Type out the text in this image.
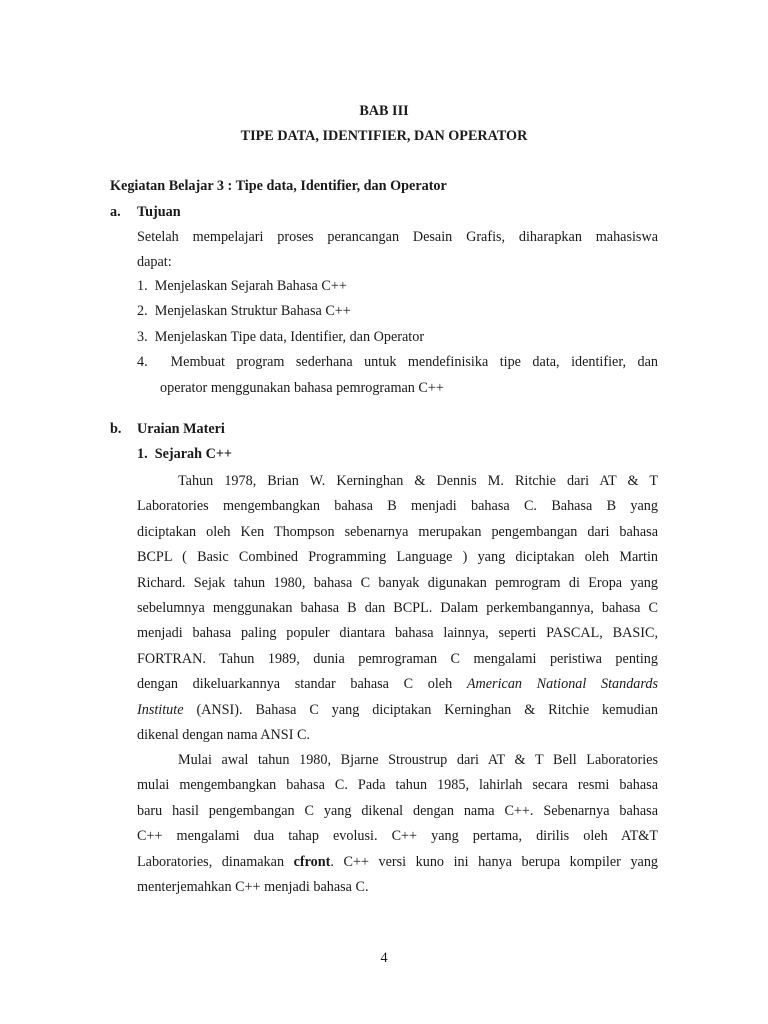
BAB III
TIPE DATA, IDENTIFIER, DAN OPERATOR
Kegiatan Belajar 3 : Tipe data, Identifier, dan Operator
a. Tujuan
Setelah mempelajari proses perancangan Desain Grafis, diharapkan mahasiswa
dapat:
1.  Menjelaskan Sejarah Bahasa C++
2.  Menjelaskan Struktur Bahasa C++
3.  Menjelaskan Tipe data, Identifier, dan Operator
4.  Membuat program sederhana untuk mendefinisika tipe data, identifier, dan
operator menggunakan bahasa pemrograman C++
b. Uraian Materi
1.  Sejarah C++
Tahun 1978, Brian W. Kerninghan & Dennis M. Ritchie dari AT & T
Laboratories mengembangkan bahasa B menjadi bahasa C. Bahasa B yang
diciptakan oleh Ken Thompson sebenarnya merupakan pengembangan dari bahasa
BCPL ( Basic Combined Programming Language ) yang diciptakan oleh Martin
Richard. Sejak tahun 1980, bahasa C banyak digunakan pemrogram di Eropa yang
sebelumnya menggunakan bahasa B dan BCPL. Dalam perkembangannya, bahasa C
menjadi bahasa paling populer diantara bahasa lainnya, seperti PASCAL, BASIC,
FORTRAN. Tahun 1989, dunia pemrograman C mengalami peristiwa penting
dengan dikeluarkannya standar bahasa C oleh American National Standards
Institute (ANSI). Bahasa C yang diciptakan Kerninghan & Ritchie kemudian
dikenal dengan nama ANSI C.
Mulai awal tahun 1980, Bjarne Stroustrup dari AT & T Bell Laboratories
mulai mengembangkan bahasa C. Pada tahun 1985, lahirlah secara resmi bahasa
baru hasil pengembangan C yang dikenal dengan nama C++. Sebenarnya bahasa
C++ mengalami dua tahap evolusi. C++ yang pertama, dirilis oleh AT&T
Laboratories, dinamakan cfront. C++ versi kuno ini hanya berupa kompiler yang
menterjemahkan C++ menjadi bahasa C.
4
